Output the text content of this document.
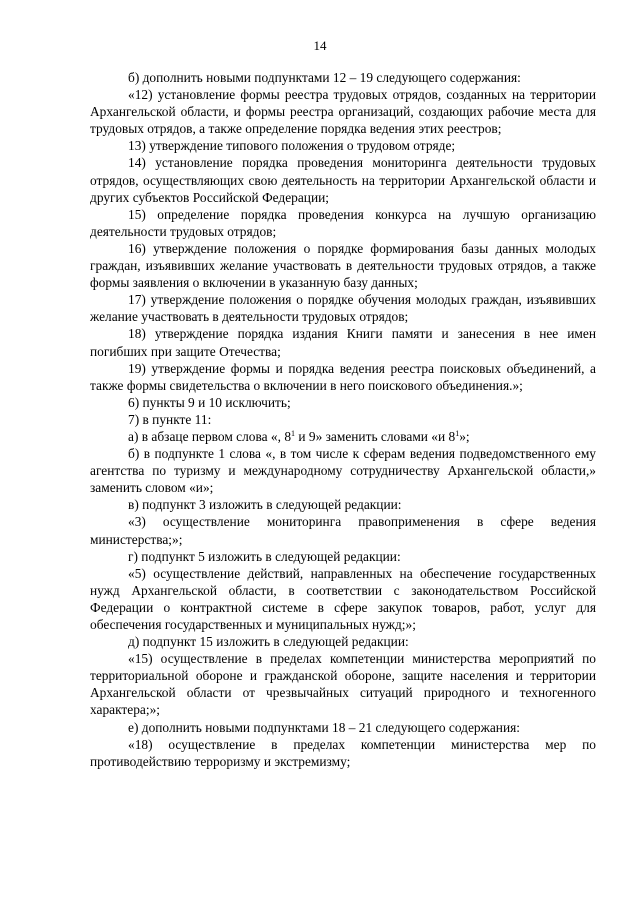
14

б) дополнить новыми подпунктами 12 – 19 следующего содержания:

«12) установление формы реестра трудовых отрядов, созданных на территории Архангельской области, и формы реестра организаций, создающих рабочие места для трудовых отрядов, а также определение порядка ведения этих реестров;

13) утверждение типового положения о трудовом отряде;

14) установление порядка проведения мониторинга деятельности трудовых отрядов, осуществляющих свою деятельность на территории Архангельской области и других субъектов Российской Федерации;

15) определение порядка проведения конкурса на лучшую организацию деятельности трудовых отрядов;

16) утверждение положения о порядке формирования базы данных молодых граждан, изъявивших желание участвовать в деятельности трудовых отрядов, а также формы заявления о включении в указанную базу данных;

17) утверждение положения о порядке обучения молодых граждан, изъявивших желание участвовать в деятельности трудовых отрядов;

18) утверждение порядка издания Книги памяти и занесения в нее имен погибших при защите Отечества;

19) утверждение формы и порядка ведения реестра поисковых объединений, а также формы свидетельства о включении в него поискового объединения.»;

6) пункты 9 и 10 исключить;

7) в пункте 11:

а) в абзаце первом слова «, $8^1$ и 9» заменить словами «и $8^1$»;

б) в подпункте 1 слова «, в том числе к сферам ведения подведомственного ему агентства по туризму и международному сотрудничеству Архангельской области,» заменить словом «и»;

в) подпункт 3 изложить в следующей редакции:

«3) осуществление мониторинга правоприменения в сфере ведения министерства;»;

г) подпункт 5 изложить в следующей редакции:

«5) осуществление действий, направленных на обеспечение государственных нужд Архангельской области, в соответствии с законодательством Российской Федерации о контрактной системе в сфере закупок товаров, работ, услуг для обеспечения государственных и муниципальных нужд;»;

д) подпункт 15 изложить в следующей редакции:

«15) осуществление в пределах компетенции министерства мероприятий по территориальной обороне и гражданской обороне, защите населения и территории Архангельской области от чрезвычайных ситуаций природного и техногенного характера;»;

е) дополнить новыми подпунктами 18 – 21 следующего содержания:

«18) осуществление в пределах компетенции министерства мер по противодействию терроризму и экстремизму;
